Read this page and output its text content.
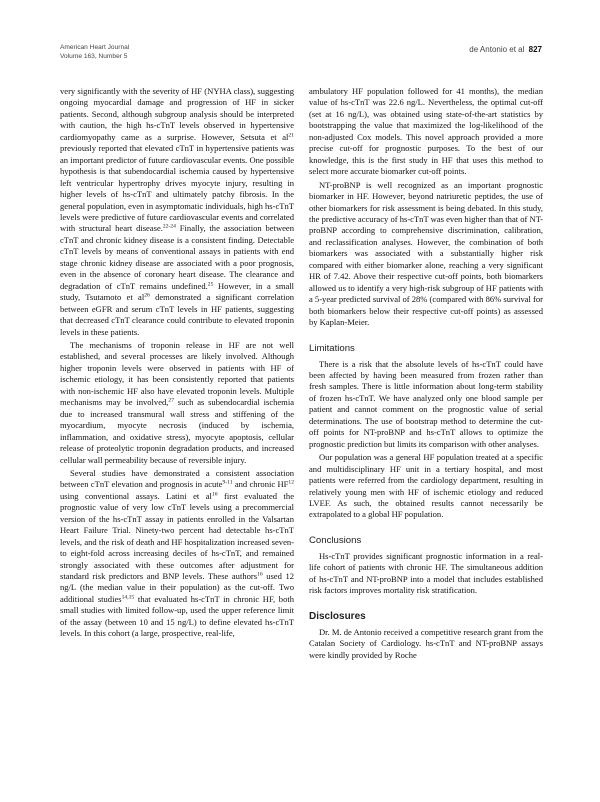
American Heart Journal
Volume 163, Number 5
de Antonio et al 827

very significantly with the severity of HF (NYHA class), suggesting ongoing myocardial damage and progression of HF in sicker patients. Second, although subgroup analysis should be interpreted with caution, the high hs-cTnT levels observed in hypertensive cardiomyopathy came as a surprise. However, Setsuta et $al^{21}$ previously reported that elevated cTnT in hypertensive patients was an important predictor of future cardiovascular events. One possible hypothesis is that subendocardial ischemia caused by hypertensive left ventricular hypertrophy drives myocyte injury, resulting in higher levels of hs-cTnT and ultimately patchy fibrosis. In the general population, even in asymptomatic individuals, high hs-cTnT levels were predictive of future cardiovascular events and correlated with structural heart disease.$^{22-24}$ Finally, the association between cTnT and chronic kidney disease is a consistent finding. Detectable cTnT levels by means of conventional assays in patients with end stage chronic kidney disease are associated with a poor prognosis, even in the absence of coronary heart disease. The clearance and degradation of cTnT remains undefined.$^{25}$ However, in a small study, Tsutamoto et $al^{26}$ demonstrated a significant correlation between eGFR and serum cTnT levels in HF patients, suggesting that decreased cTnT clearance could contribute to elevated troponin levels in these patients.

The mechanisms of troponin release in HF are not well established, and several processes are likely involved. Although higher troponin levels were observed in patients with HF of ischemic etiology, it has been consistently reported that patients with non-ischemic HF also have elevated troponin levels. Multiple mechanisms may be involved,$^{27}$ such as subendocardial ischemia due to increased transmural wall stress and stiffening of the myocardium, myocyte necrosis (induced by ischemia, inflammation, and oxidative stress), myocyte apoptosis, cellular release of proteolytic troponin degradation products, and increased cellular wall permeability because of reversible injury.

Several studies have demonstrated a consistent association between cTnT elevation and prognosis in acute$^{9-11}$ and chronic HF$^{12}$ using conventional assays. Latini et $al^{16}$ first evaluated the prognostic value of very low cTnT levels using a precommercial version of the hs-cTnT assay in patients enrolled in the Valsartan Heart Failure Trial. Ninety-two percent had detectable hs-cTnT levels, and the risk of death and HF hospitalization increased seven-to eight-fold across increasing deciles of hs-cTnT, and remained strongly associated with these outcomes after adjustment for standard risk predictors and BNP levels. These authors$^{16}$ used 12 ng/L (the median value in their population) as the cut-off. Two additional studies$^{14,15}$ that evaluated hs-cTnT in chronic HF, both small studies with limited follow-up, used the upper reference limit of the assay (between 10 and 15 ng/L) to define elevated hs-cTnT levels. In this cohort (a large, prospective, real-life,

ambulatory HF population followed for 41 months), the median value of hs-cTnT was 22.6 ng/L. Nevertheless, the optimal cut-off (set at 16 ng/L), was obtained using state-of-the-art statistics by bootstrapping the value that maximized the log-likelihood of the non-adjusted Cox models. This novel approach provided a more precise cut-off for prognostic purposes. To the best of our knowledge, this is the first study in HF that uses this method to select more accurate biomarker cut-off points.

NT-proBNP is well recognized as an important prognostic biomarker in HF. However, beyond natriuretic peptides, the use of other biomarkers for risk assessment is being debated. In this study, the predictive accuracy of hs-cTnT was even higher than that of NT-proBNP according to comprehensive discrimination, calibration, and reclassification analyses. However, the combination of both biomarkers was associated with a substantially higher risk compared with either biomarker alone, reaching a very significant HR of 7.42. Above their respective cut-off points, both biomarkers allowed us to identify a very high-risk subgroup of HF patients with a 5-year predicted survival of 28% (compared with 86% survival for both biomarkers below their respective cut-off points) as assessed by Kaplan-Meier.

Limitations

There is a risk that the absolute levels of hs-cTnT could have been affected by having been measured from frozen rather than fresh samples. There is little information about long-term stability of frozen hs-cTnT. We have analyzed only one blood sample per patient and cannot comment on the prognostic value of serial determinations. The use of bootstrap method to determine the cut-off points for NT-proBNP and hs-cTnT allows to optimize the prognostic prediction but limits its comparison with other analyses.

Our population was a general HF population treated at a specific and multidisciplinary HF unit in a tertiary hospital, and most patients were referred from the cardiology department, resulting in relatively young men with HF of ischemic etiology and reduced LVEF. As such, the obtained results cannot necessarily be extrapolated to a global HF population.

Conclusions

Hs-cTnT provides significant prognostic information in a real-life cohort of patients with chronic HF. The simultaneous addition of hs-cTnT and NT-proBNP into a model that includes established risk factors improves mortality risk stratification.

Disclosures

Dr. M. de Antonio received a competitive research grant from the Catalan Society of Cardiology. hs-cTnT and NT-proBNP assays were kindly provided by Roche
